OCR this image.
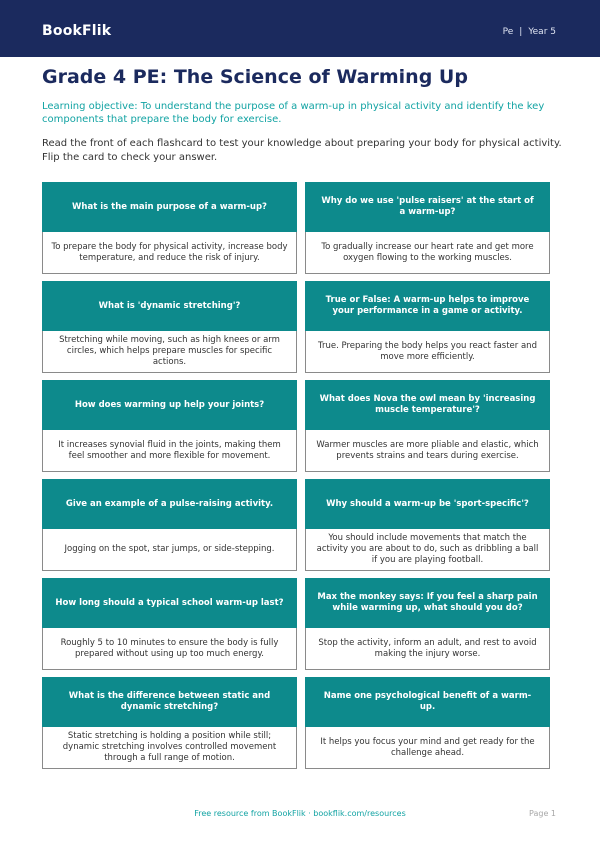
BookFlik	Pe | Year 5
Grade 4 PE: The Science of Warming Up
Learning objective: To understand the purpose of a warm-up in physical activity and identify the key components that prepare the body for exercise.
Read the front of each flashcard to test your knowledge about preparing your body for physical activity. Flip the card to check your answer.
What is the main purpose of a warm-up?
To prepare the body for physical activity, increase body temperature, and reduce the risk of injury.
Why do we use 'pulse raisers' at the start of a warm-up?
To gradually increase our heart rate and get more oxygen flowing to the working muscles.
What is 'dynamic stretching'?
Stretching while moving, such as high knees or arm circles, which helps prepare muscles for specific actions.
True or False: A warm-up helps to improve your performance in a game or activity.
True. Preparing the body helps you react faster and move more efficiently.
How does warming up help your joints?
It increases synovial fluid in the joints, making them feel smoother and more flexible for movement.
What does Nova the owl mean by 'increasing muscle temperature'?
Warmer muscles are more pliable and elastic, which prevents strains and tears during exercise.
Give an example of a pulse-raising activity.
Jogging on the spot, star jumps, or side-stepping.
Why should a warm-up be 'sport-specific'?
You should include movements that match the activity you are about to do, such as dribbling a ball if you are playing football.
How long should a typical school warm-up last?
Roughly 5 to 10 minutes to ensure the body is fully prepared without using up too much energy.
Max the monkey says: If you feel a sharp pain while warming up, what should you do?
Stop the activity, inform an adult, and rest to avoid making the injury worse.
What is the difference between static and dynamic stretching?
Static stretching is holding a position while still; dynamic stretching involves controlled movement through a full range of motion.
Name one psychological benefit of a warm-up.
It helps you focus your mind and get ready for the challenge ahead.
Free resource from BookFlik · bookflik.com/resources	Page 1
